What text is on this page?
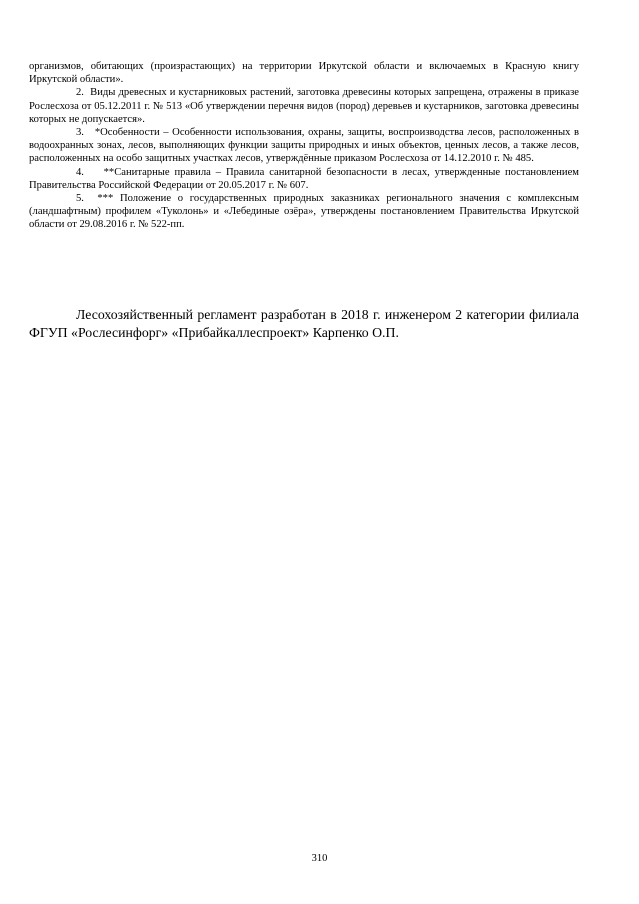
организмов, обитающих (произрастающих) на территории Иркутской области и включаемых в Красную книгу Иркутской области».

2.  Виды древесных и кустарниковых растений, заготовка древесины которых запрещена, отражены в приказе Рослесхоза от 05.12.2011 г. № 513 «Об утверждении перечня видов (пород) деревьев и кустарников, заготовка древесины которых не допускается».

3.   *Особенности – Особенности использования, охраны, защиты, воспроизводства лесов, расположенных в водоохранных зонах, лесов, выполняющих функции защиты природных и иных объектов, ценных лесов, а также лесов, расположенных на особо защитных участках лесов, утверждённые приказом Рослесхоза от 14.12.2010 г. № 485.

4.    **Санитарные правила – Правила санитарной безопасности в лесах, утвержденные постановлением Правительства Российской Федерации от 20.05.2017 г. № 607.

5.  *** Положение о государственных природных заказниках регионального значения с комплексным (ландшафтным) профилем «Туколонь» и «Лебединые озёра», утверждены постановлением Правительства Иркутской области от 29.08.2016 г. № 522-пп.

Лесохозяйственный регламент разработан в 2018 г. инженером 2 категории филиала ФГУП «Рослесинфорг» «Прибайкаллеспроект» Карпенко О.П.

310
